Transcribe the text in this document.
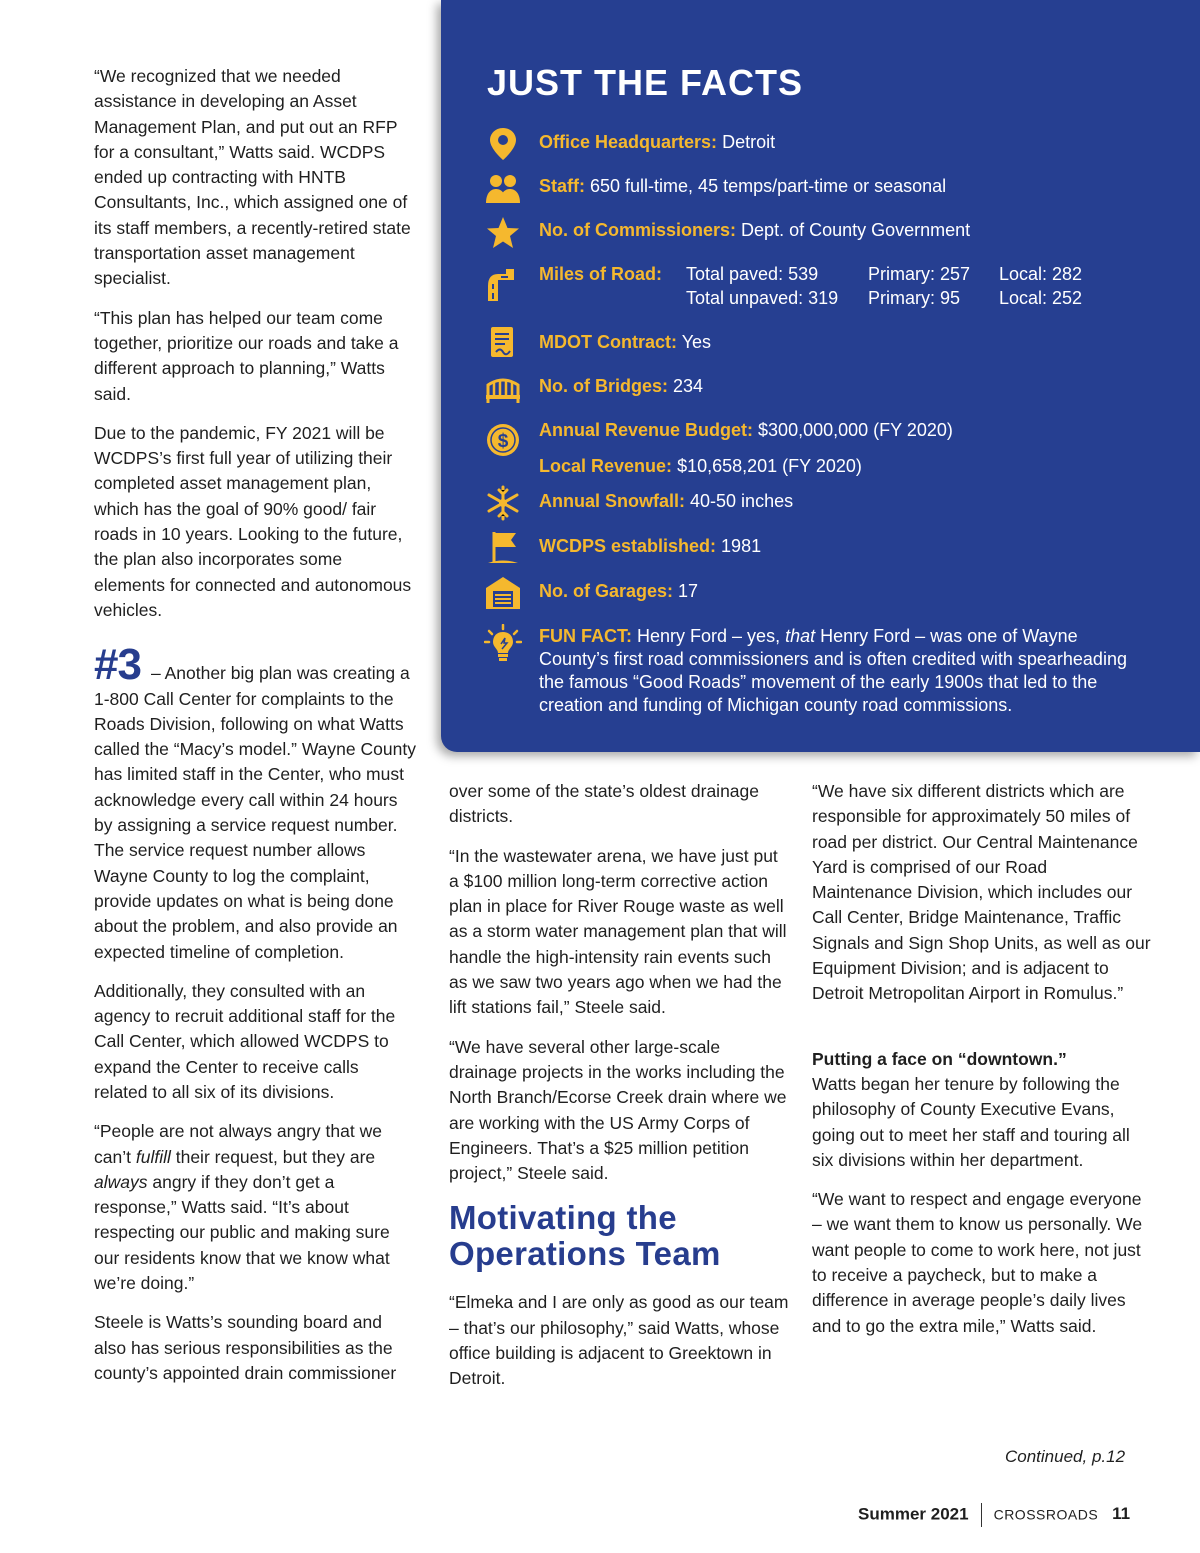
“We recognized that we needed assistance in developing an Asset Management Plan, and put out an RFP for a consultant,” Watts said. WCDPS ended up contracting with HNTB Consultants, Inc., which assigned one of its staff members, a recently-retired state transportation asset management specialist.

“This plan has helped our team come together, prioritize our roads and take a different approach to planning,” Watts said.

Due to the pandemic, FY 2021 will be WCDPS’s first full year of utilizing their completed asset management plan, which has the goal of 90% good/ fair roads in 10 years. Looking to the future, the plan also incorporates some elements for connected and autonomous vehicles.

#3 – Another big plan was creating a 1-800 Call Center for complaints to the Roads Division, following on what Watts called the “Macy’s model.” Wayne County has limited staff in the Center, who must acknowledge every call within 24 hours by assigning a service request number. The service request number allows Wayne County to log the complaint, provide updates on what is being done about the problem, and also provide an expected timeline of completion.

Additionally, they consulted with an agency to recruit additional staff for the Call Center, which allowed WCDPS to expand the Center to receive calls related to all six of its divisions.

“People are not always angry that we can’t fulfill their request, but they are always angry if they don’t get a response,” Watts said. “It’s about respecting our public and making sure our residents know that we know what we’re doing.”

Steele is Watts’s sounding board and also has serious responsibilities as the county’s appointed drain commissioner

JUST THE FACTS
Office Headquarters: Detroit
Staff: 650 full-time, 45 temps/part-time or seasonal
No. of Commissioners: Dept. of County Government
Miles of Road:	Total paved: 539	Primary: 257 Local: 282
Total unpaved: 319 Primary: 95 Local: 252
MDOT Contract: Yes
No. of Bridges: 234
$
Annual Revenue Budget: $300,000,000 (FY 2020)
Local Revenue: $10,658,201 (FY 2020)
Annual Snowfall: 40-50 inches
WCDPS established: 1981
No. of Garages: 17
FUN FACT: Henry Ford – yes, that Henry Ford – was one of Wayne County’s first road commissioners and is often credited with spearheading the famous “Good Roads” movement of the early 1900s that led to the creation and funding of Michigan county road commissions.

over some of the state’s oldest drainage districts.

“In the wastewater arena, we have just put a $100 million long-term corrective action plan in place for River Rouge waste as well as a storm water management plan that will handle the high-intensity rain events such as we saw two years ago when we had the lift stations fail,” Steele said.

“We have several other large-scale drainage projects in the works including the North Branch/Ecorse Creek drain where we are working with the US Army Corps of Engineers. That’s a $25 million petition project,” Steele said.

Motivating the Operations Team

“Elmeka and I are only as good as our team – that’s our philosophy,” said Watts, whose office building is adjacent to Greektown in Detroit.

“We have six different districts which are responsible for approximately 50 miles of road per district. Our Central Maintenance Yard is comprised of our Road Maintenance Division, which includes our Call Center, Bridge Maintenance, Traffic Signals and Sign Shop Units, as well as our Equipment Division; and is adjacent to Detroit Metropolitan Airport in Romulus.”

Putting a face on “downtown.”
Watts began her tenure by following the philosophy of County Executive Evans, going out to meet her staff and touring all six divisions within her department.

“We want to respect and engage everyone – we want them to know us personally. We want people to come to work here, not just to receive a paycheck, but to make a difference in average people’s daily lives and to go the extra mile,” Watts said.

Continued, p.12
Summer 2021 CROSSROADS 11
